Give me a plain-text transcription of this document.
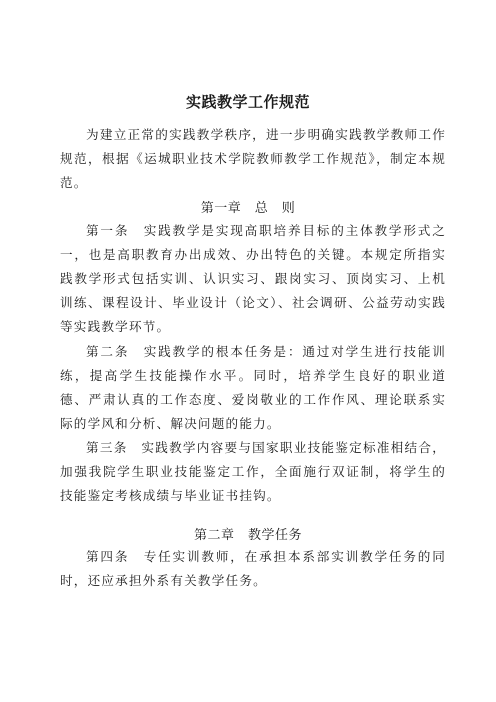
实践教学工作规范

为建立正常的实践教学秩序，进一步明确实践教学教师工作规范，根据《运城职业技术学院教师教学工作规范》，制定本规范。

第一章　总　则

第一条　实践教学是实现高职培养目标的主体教学形式之一，也是高职教育办出成效、办出特色的关键。本规定所指实践教学形式包括实训、认识实习、跟岗实习、顶岗实习、上机训练、课程设计、毕业设计（论文）、社会调研、公益劳动实践等实践教学环节。

第二条　实践教学的根本任务是：通过对学生进行技能训练，提高学生技能操作水平。同时，培养学生良好的职业道德、严肃认真的工作态度、爱岗敬业的工作作风、理论联系实际的学风和分析、解决问题的能力。

第三条　实践教学内容要与国家职业技能鉴定标准相结合，加强我院学生职业技能鉴定工作，全面施行双证制，将学生的技能鉴定考核成绩与毕业证书挂钩。

第二章　教学任务

第四条　专任实训教师，在承担本系部实训教学任务的同时，还应承担外系有关教学任务。
